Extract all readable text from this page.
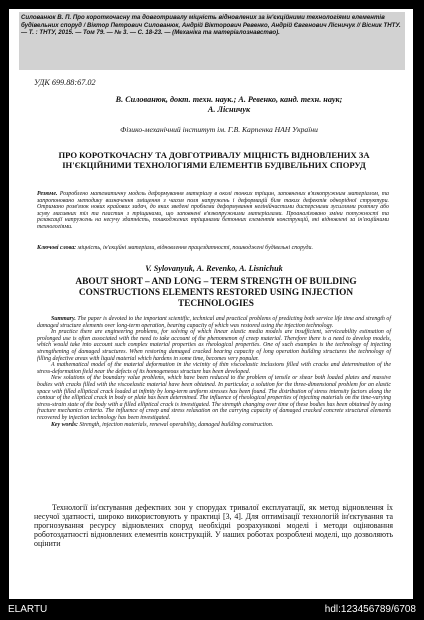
Силованюк В. П. Про короткочасну та довготривалу міцність відновлених за ін'єкційними технологіями елементів будівельних споруд / Віктор Петрович Силованюк, Андрій Вікторович Ревенко, Андрій Євгенович Лісничук // Вісник ТНТУ. — Т. : ТНТУ, 2015. — Том 79. — № 3. — С. 18-23. — (Механіка та матеріалознавство).
УДК 699.88:67.02
В. Силованюк, докт. техн. наук.; А. Ревенко, канд. техн. наук;
А. Лісничук
Фізико-механічний інститут ім. Г.В. Карпенка НАН України
ПРО КОРОТКОЧАСНУ ТА ДОВГОТРИВАЛУ МІЦНІСТЬ ВІДНОВЛЕНИХ ЗА ІН'ЄКЦІЙНИМИ ТЕХНОЛОГІЯМИ ЕЛЕМЕНТІВ БУДІВЕЛЬНИХ СПОРУД
Резюме. Розроблено математичну модель деформування матеріалу в околі тонких тріщин, заповнених в'язкопружним матеріалом, та запропоновано методику визначення зміщення з часом поля напружень і деформацій біля таких дефектів однорідної структури. Отримано розв'язок нових крайових задач, до яких зведені проблеми деформування нелінійчастими дисперсними зусиллями розтягу або зсуву масивних тіл та пластин з тріщинами, що заповнені в'язкопружними матеріалами. Проаналізовано зміни потужності та релаксації напружень на несучу здатність, пошкоджених тріщинами бетонних елементів конструкцій, які відновлені за ін'єкційними технологіями.
Ключові слова: міцність, ін'єкційні матеріали, відновлення працездатності, пошкоджені будівельні споруди.
V. Sylovanyuk, A. Revenko, A. Lisnichuk
ABOUT SHORT – AND LONG – TERM STRENGTH OF BUILDING CONSTRUCTIONS ELEMENTS RESTORED USING INJECTION TECHNOLOGIES

Summary. The paper is devoted to the important scientific, technical and practical problems of predicting both service life time and strength of damaged structure elements over long-term operation, bearing capacity of which was restored using the injection technology.

In practice there are engineering problems, for solving of which linear elastic media models are insufficient, serviceability estimation of prolonged use is often associated with the need to take account of the phenomenon of creep material. Therefore there is a need to develop models, which would take into account such complex material properties as rheological properties. One of such examples is the technology of injecting strengthening of damaged structures. When restoring damaged cracked bearing capacity of long operation building structures the technology of filling defective areas with liquid material which hardens in some time, becomes very popular.

A mathematical model of the material deformation in the vicinity of thin viscoelastic inclusions filled with cracks and determination of the stress-deformation field near the defects of its homogeneous structure has been developed.

New solutions of the boundary value problems, which have been reduced to the problem of tensile or shear both loaded plates and massive bodies with cracks filled with the viscoelastic material have been obtained. In particular, a solution for the three-dimensional problem for an elastic space with filled elliptical crack loaded at infinity by long-term uniform stresses has been found. The distribution of stress intensity factors along the contour of the elliptical crack in body or plate has been determined. The influence of rheological properties of injecting materials on the time-varying stress-strain state of the body with a filled elliptical crack is investigated. The strength changing over time of these bodies has been obtained by using fracture mechanics criteria. The influence of creep and stress relaxation on the carrying capacity of damaged cracked concrete structural elements recovered by injection technology has been investigated.

Key words: Strength, injection materials, renewal operability, damaged building construction.

Технології ін'єктування дефектних зон у спорудах тривалої експлуатації, як метод відновлення їх несучої здатності, широко використовують у практиці [3, 4]. Для оптимізації технологій ін'єктування та прогнозування ресурсу відновлених споруд необхідні розрахункові моделі і методи оцінювання роботоздатності відновлених елементів конструкцій. У наших роботах розроблені моделі, що дозволяють оцінити
ELARTU	hdl:123456789/6708
